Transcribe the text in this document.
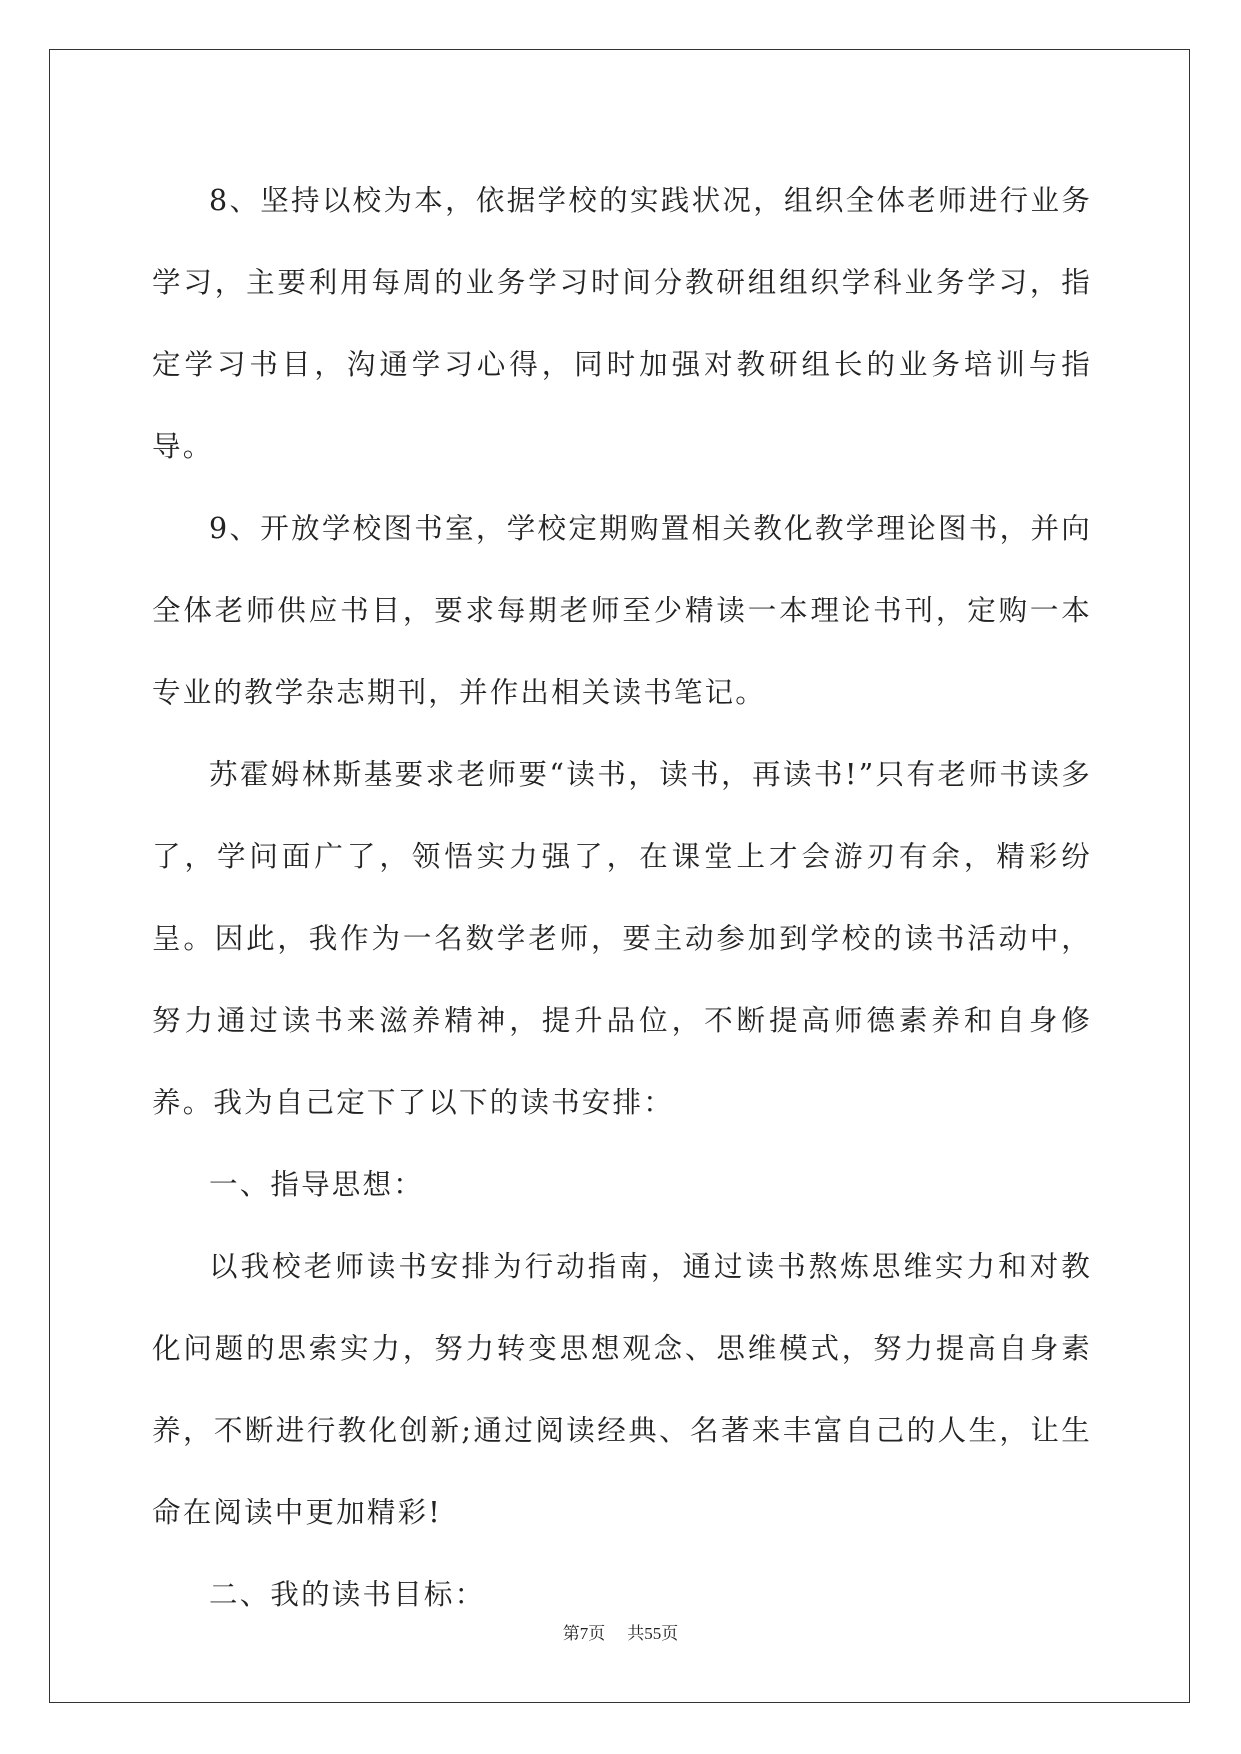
8、坚持以校为本，依据学校的实践状况，组织全体老师进行业务学习，主要利用每周的业务学习时间分教研组组织学科业务学习，指定学习书目，沟通学习心得，同时加强对教研组长的业务培训与指导。

9、开放学校图书室，学校定期购置相关教化教学理论图书，并向全体老师供应书目，要求每期老师至少精读一本理论书刊，定购一本专业的教学杂志期刊，并作出相关读书笔记。

苏霍姆林斯基要求老师要“读书，读书，再读书!”只有老师书读多了，学问面广了，领悟实力强了，在课堂上才会游刃有余，精彩纷呈。因此，我作为一名数学老师，要主动参加到学校的读书活动中，努力通过读书来滋养精神，提升品位，不断提高师德素养和自身修养。我为自己定下了以下的读书安排：

一、指导思想：

以我校老师读书安排为行动指南，通过读书熬炼思维实力和对教化问题的思索实力，努力转变思想观念、思维模式，努力提高自身素养，不断进行教化创新;通过阅读经典、名著来丰富自己的人生，让生命在阅读中更加精彩!

二、我的读书目标：

第7页 共55页
